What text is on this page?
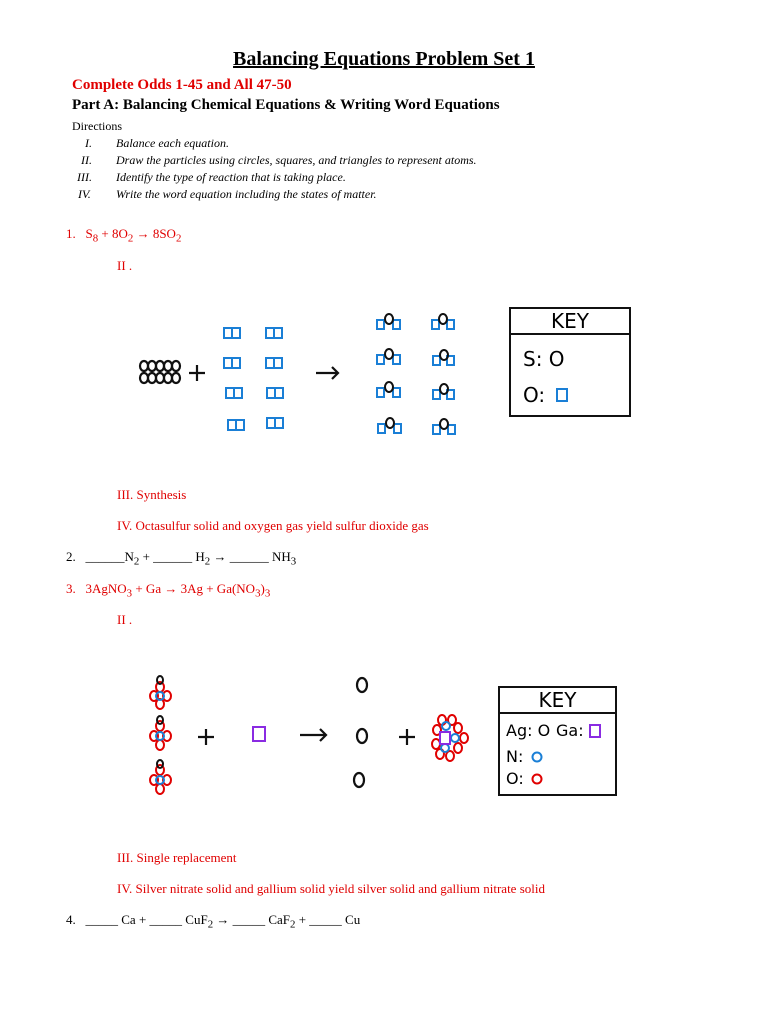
Balancing Equations Problem Set 1
Complete Odds 1-45 and All 47-50
Part A: Balancing Chemical Equations & Writing Word Equations
Directions
I. Balance each equation.
II. Draw the particles using circles, squares, and triangles to represent atoms.
III. Identify the type of reaction that is taking place.
IV. Write the word equation including the states of matter.
1. $S_8 + 8O_2 \to 8SO_2$
II .
KEY
S: O
O:
III. Synthesis
IV. Octasulfur solid and oxygen gas yield sulfur dioxide gas
2. $\_\_\_\_\_\_N_2$ + ______ $H_2$ → ______ $NH_3$
3. 3AgNO$_3$ + $Ga \to 3Ag + Ga(NO_3)_3$
II .
KEY
Ag: O Ga:
N:
O:
III. Single replacement
IV. Silver nitrate solid and gallium solid yield silver solid and gallium nitrate solid
4. _____ Ca + _____ CuF$_2$ → _____ CaF$_2$ + _____ Cu
